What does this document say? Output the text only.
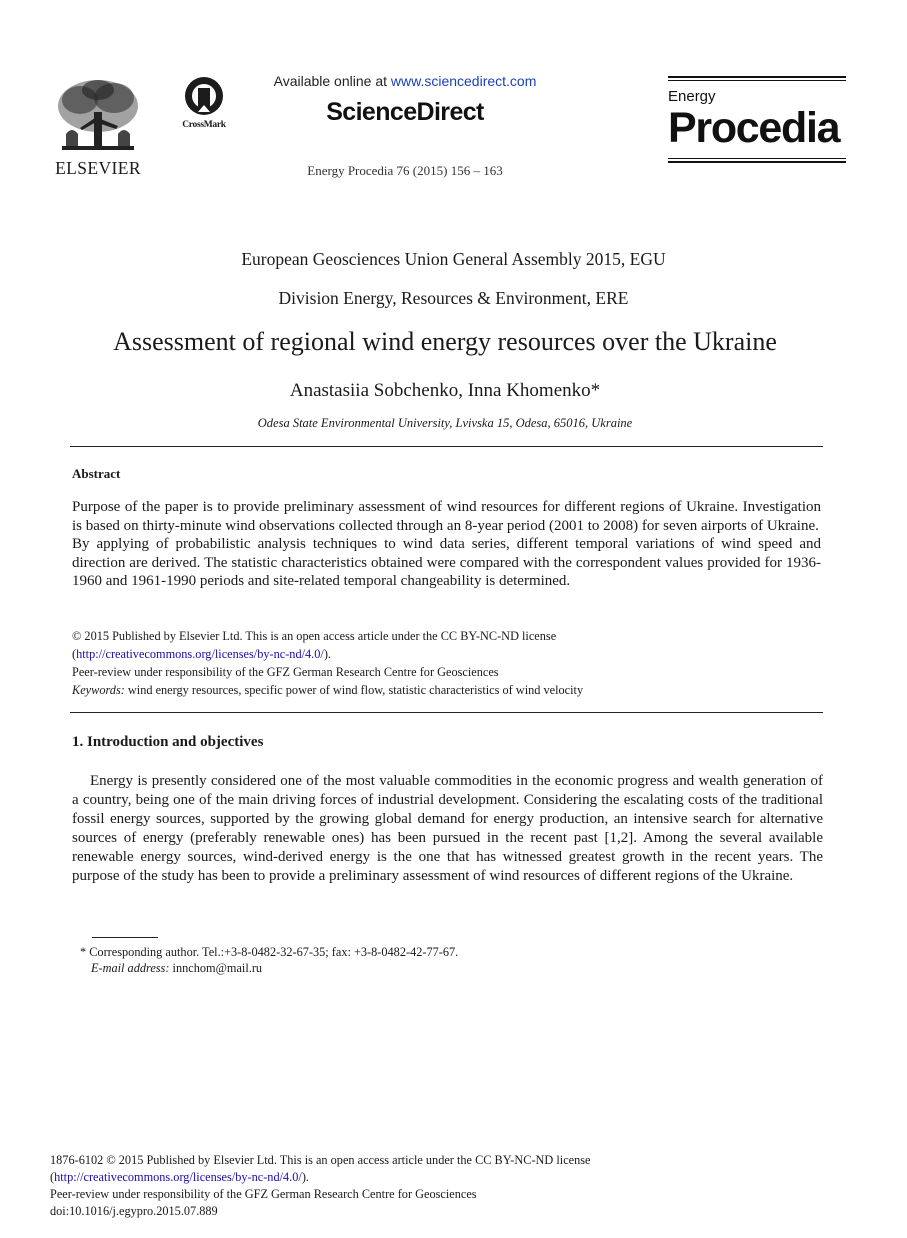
ELSEVIER
CrossMark
Available online at www.sciencedirect.com
ScienceDirect
Energy Procedia 76 (2015) 156 – 163
Energy
Procedia
European Geosciences Union General Assembly 2015, EGU
Division Energy, Resources & Environment, ERE
Assessment of regional wind energy resources over the Ukraine
Anastasiia Sobchenko, Inna Khomenko*
Odesa State Environmental University, Lvivska 15, Odesa, 65016, Ukraine
Abstract

Purpose of the paper is to provide preliminary assessment of wind resources for different regions of Ukraine. Investigation is based on thirty-minute wind observations collected through an 8-year period (2001 to 2008) for seven airports of Ukraine.

By applying of probabilistic analysis techniques to wind data series, different temporal variations of wind speed and direction are derived. The statistic characteristics obtained were compared with the correspondent values provided for 1936-1960 and 1961-1990 periods and site-related temporal changeability is determined.

© 2015 Published by Elsevier Ltd. This is an open access article under the CC BY-NC-ND license
(http://creativecommons.org/licenses/by-nc-nd/4.0/).
Peer-review under responsibility of the GFZ German Research Centre for Geosciences
Keywords: wind energy resources, specific power of wind flow, statistic characteristics of wind velocity
1. Introduction and objectives
Energy is presently considered one of the most valuable commodities in the economic progress and wealth generation of a country, being one of the main driving forces of industrial development. Considering the escalating costs of the traditional fossil energy sources, supported by the growing global demand for energy production, an intensive search for alternative sources of energy (preferably renewable ones) has been pursued in the recent past [1,2]. Among the several available renewable energy sources, wind-derived energy is the one that has witnessed greatest growth in the recent years. The purpose of the study has been to provide a preliminary assessment of wind resources of different regions of the Ukraine.
* Corresponding author. Tel.:+3-8-0482-32-67-35; fax: +3-8-0482-42-77-67.
E-mail address: innchom@mail.ru
1876-6102 © 2015 Published by Elsevier Ltd. This is an open access article under the CC BY-NC-ND license
(http://creativecommons.org/licenses/by-nc-nd/4.0/).
Peer-review under responsibility of the GFZ German Research Centre for Geosciences
doi:10.1016/j.egypro.2015.07.889
